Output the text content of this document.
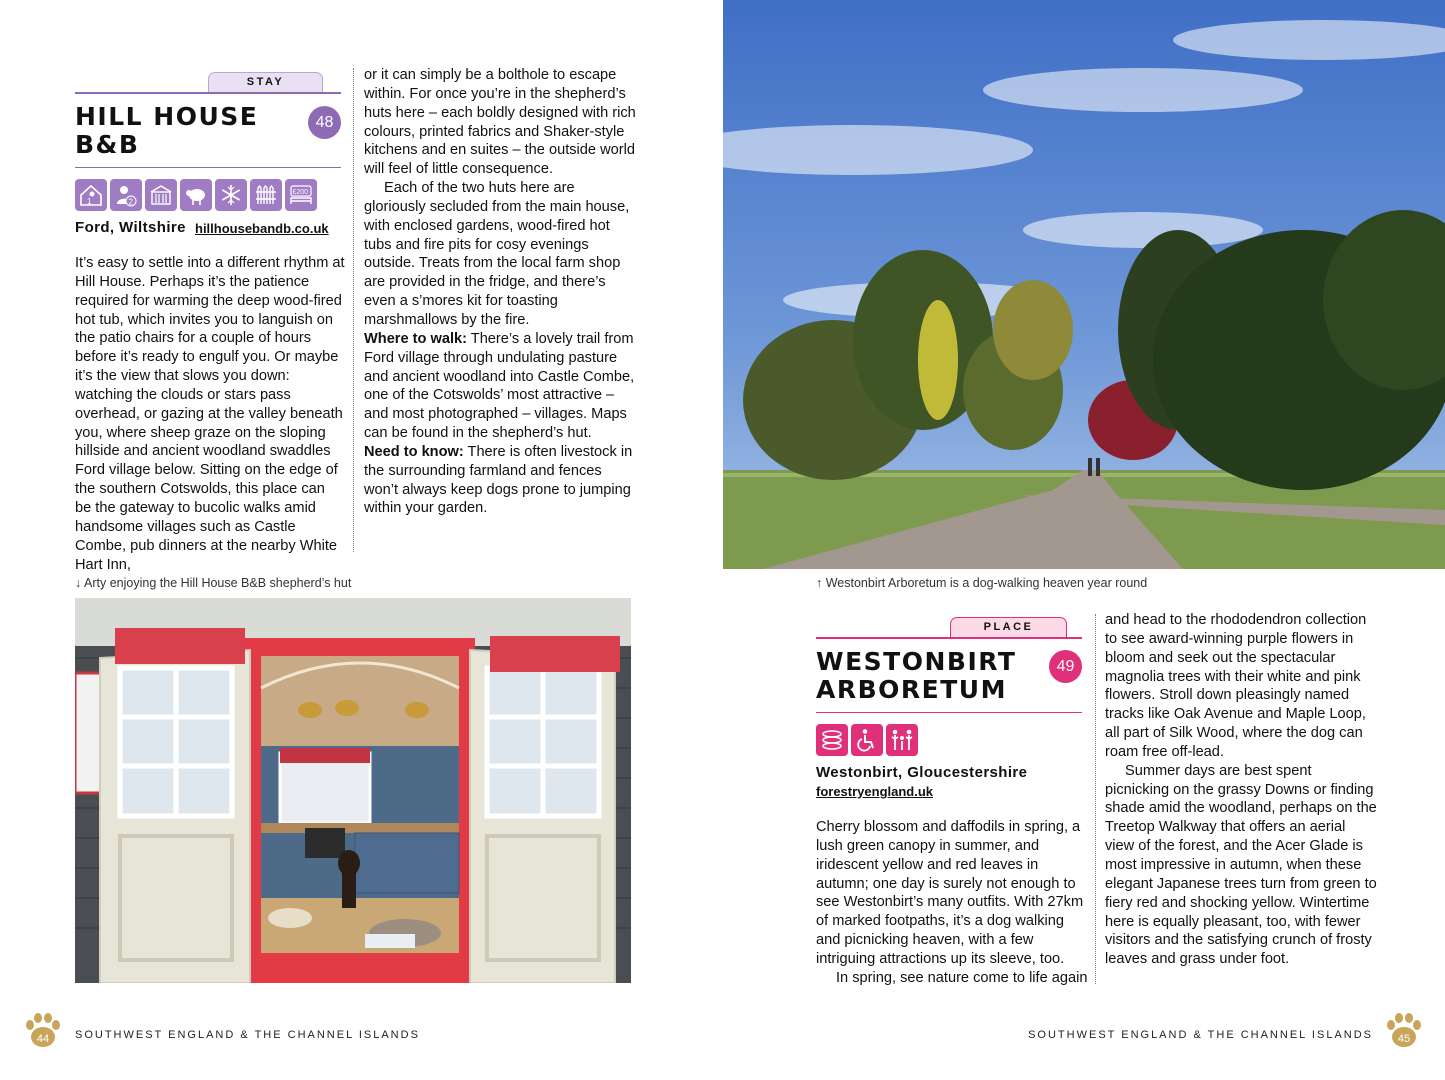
STAY
HILL HOUSE
B&B
48
1	2
£200
Ford, Wiltshire hillhousebandb.co.uk

It’s easy to settle into a different rhythm at Hill House. Perhaps it’s the patience required for warming the deep wood-fired hot tub, which invites you to languish on the patio chairs for a couple of hours before it’s ready to engulf you. Or maybe it’s the view that slows you down: watching the clouds or stars pass overhead, or gazing at the valley beneath you, where sheep graze on the sloping hillside and ancient woodland swaddles Ford village below. Sitting on the edge of the southern Cotswolds, this place can be the gateway to bucolic walks amid handsome villages such as Castle Combe, pub dinners at the nearby White Hart Inn,

or it can simply be a bolthole to escape within. For once you’re in the shepherd’s huts here – each boldly designed with rich colours, printed fabrics and Shaker-style kitchens and en suites – the outside world will feel of little consequence.

Each of the two huts here are gloriously secluded from the main house, with enclosed gardens, wood-fired hot tubs and fire pits for cosy evenings outside. Treats from the local farm shop are provided in the fridge, and there’s even a s’mores kit for toasting marshmallows by the fire.

Where to walk: There’s a lovely trail from Ford village through undulating pasture and ancient woodland into Castle Combe, one of the Cotswolds’ most attractive – and most photographed – villages. Maps can be found in the shepherd’s hut.

Need to know: There is often livestock in the surrounding farmland and fences won’t always keep dogs prone to jumping within your garden.

↓ Arty enjoying the Hill House B&B shepherd’s hut	↑ Westonbirt Arboretum is a dog-walking heaven year round
PLACE
WESTONBIRT
ARBORETUM
49
Westonbirt, Gloucestershire
forestryengland.uk

Cherry blossom and daffodils in spring, a lush green canopy in summer, and iridescent yellow and red leaves in autumn; one day is surely not enough to see Westonbirt’s many outfits. With 27km of marked footpaths, it’s a dog walking and picnicking heaven, with a few intriguing attractions up its sleeve, too.

In spring, see nature come to life again

and head to the rhododendron collection to see award-winning purple flowers in bloom and seek out the spectacular magnolia trees with their white and pink flowers. Stroll down pleasingly named tracks like Oak Avenue and Maple Loop, all part of Silk Wood, where the dog can roam free off-lead.

Summer days are best spent picnicking on the grassy Downs or finding shade amid the woodland, perhaps on the Treetop Walkway that offers an aerial view of the forest, and the Acer Glade is most impressive in autumn, when these elegant Japanese trees turn from green to fiery red and shocking yellow. Wintertime here is equally pleasant, too, with fewer visitors and the satisfying crunch of frosty leaves and grass under foot.

44 SOUTHWEST ENGLAND & THE CHANNEL ISLANDS	SOUTHWEST ENGLAND & THE CHANNEL ISLANDS 45
